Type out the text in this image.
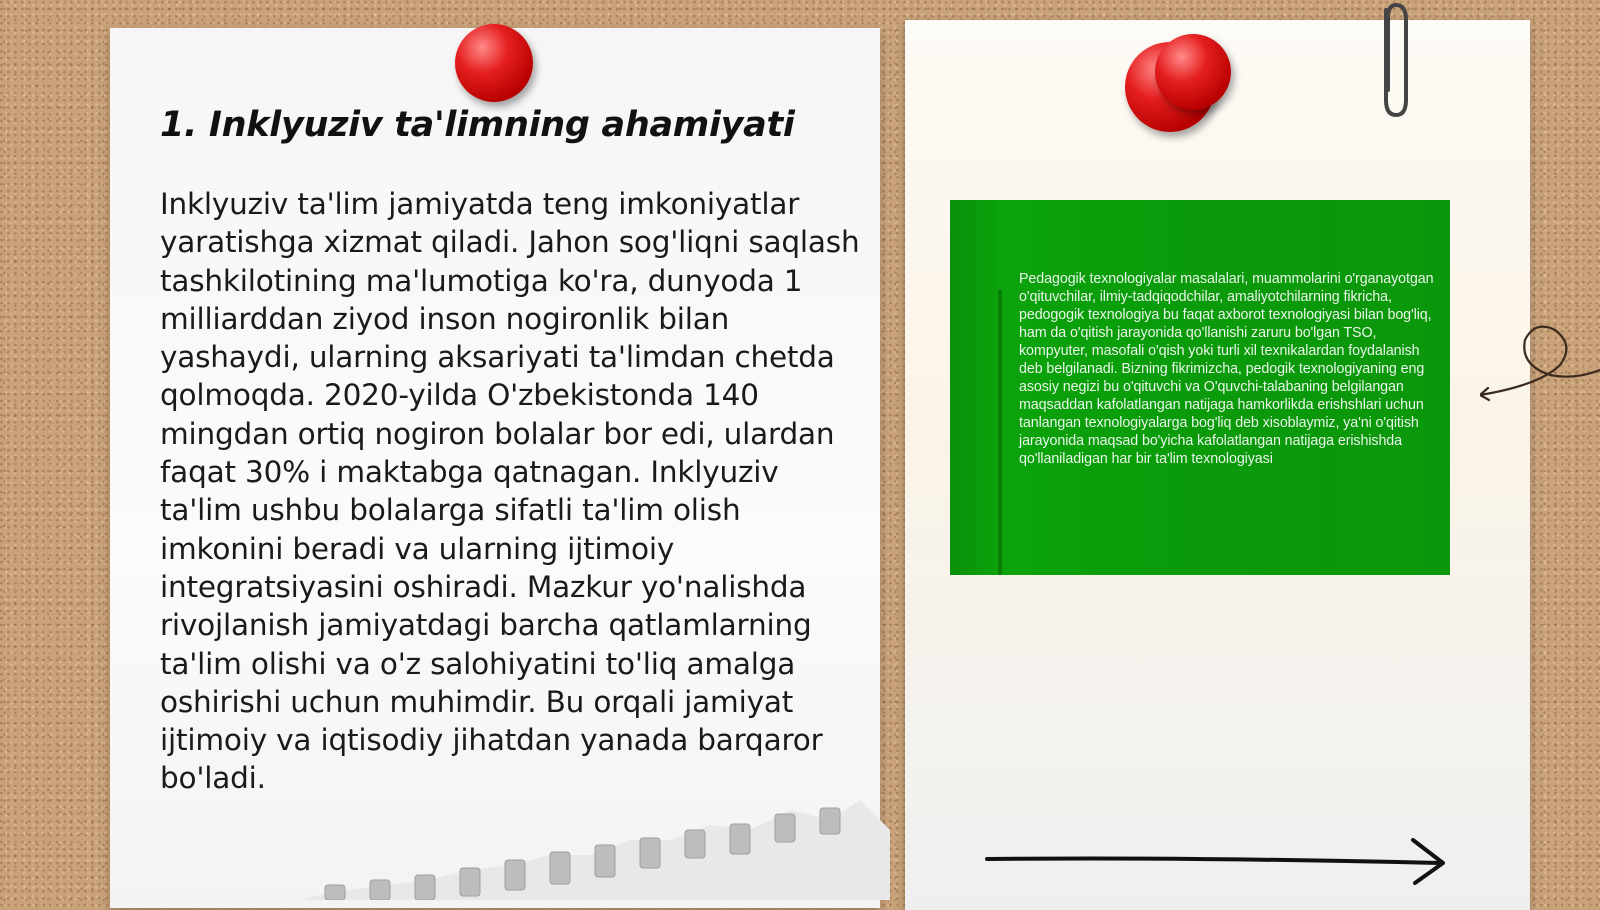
1. Inklyuziv ta'limning ahamiyati

Inklyuziv ta'lim jamiyatda teng imkoniyatlar yaratishga xizmat qiladi. Jahon sog'liqni saqlash tashkilotining ma'lumotiga ko'ra, dunyoda 1 milliarddan ziyod inson nogironlik bilan yashaydi, ularning aksariyati ta'limdan chetda qolmoqda. 2020-yilda O'zbekistonda 140 mingdan ortiq nogiron bolalar bor edi, ulardan faqat 30% i maktabga qatnagan. Inklyuziv ta'lim ushbu bolalarga sifatli ta'lim olish imkonini beradi va ularning ijtimoiy integratsiyasini oshiradi. Mazkur yo'nalishda rivojlanish jamiyatdagi barcha qatlamlarning ta'lim olishi va o'z salohiyatini to'liq amalga oshirishi uchun muhimdir. Bu orqali jamiyat ijtimoiy va iqtisodiy jihatdan yanada barqaror bo'ladi.

Pedagogik texnologiyalar masalalari, muammolarini o'rganayotgan o'qituvchilar, ilmiy-tadqiqodchilar, amaliyotchilarning fikricha, pedogogik texnologiya bu faqat axborot texnologiyasi bilan bog'liq, ham da o'qitish jarayonida qo'llanishi zaruru bo'lgan TSO, kompyuter, masofali o'qish yoki turli xil texnikalardan foydalanish deb belgilanadi. Bizning fikrimizcha, pedogik texnologiyaning eng asosiy negizi bu o'qituvchi va O'quvchi-talabaning belgilangan maqsaddan kafolatlangan natijaga hamkorlikda erishshlari uchun tanlangan texnologiyalarga bog'liq deb xisoblaymiz, ya'ni o'qitish jarayonida maqsad bo'yicha kafolatlangan natijaga erishishda qo'llaniladigan har bir ta'lim texnologiyasi
